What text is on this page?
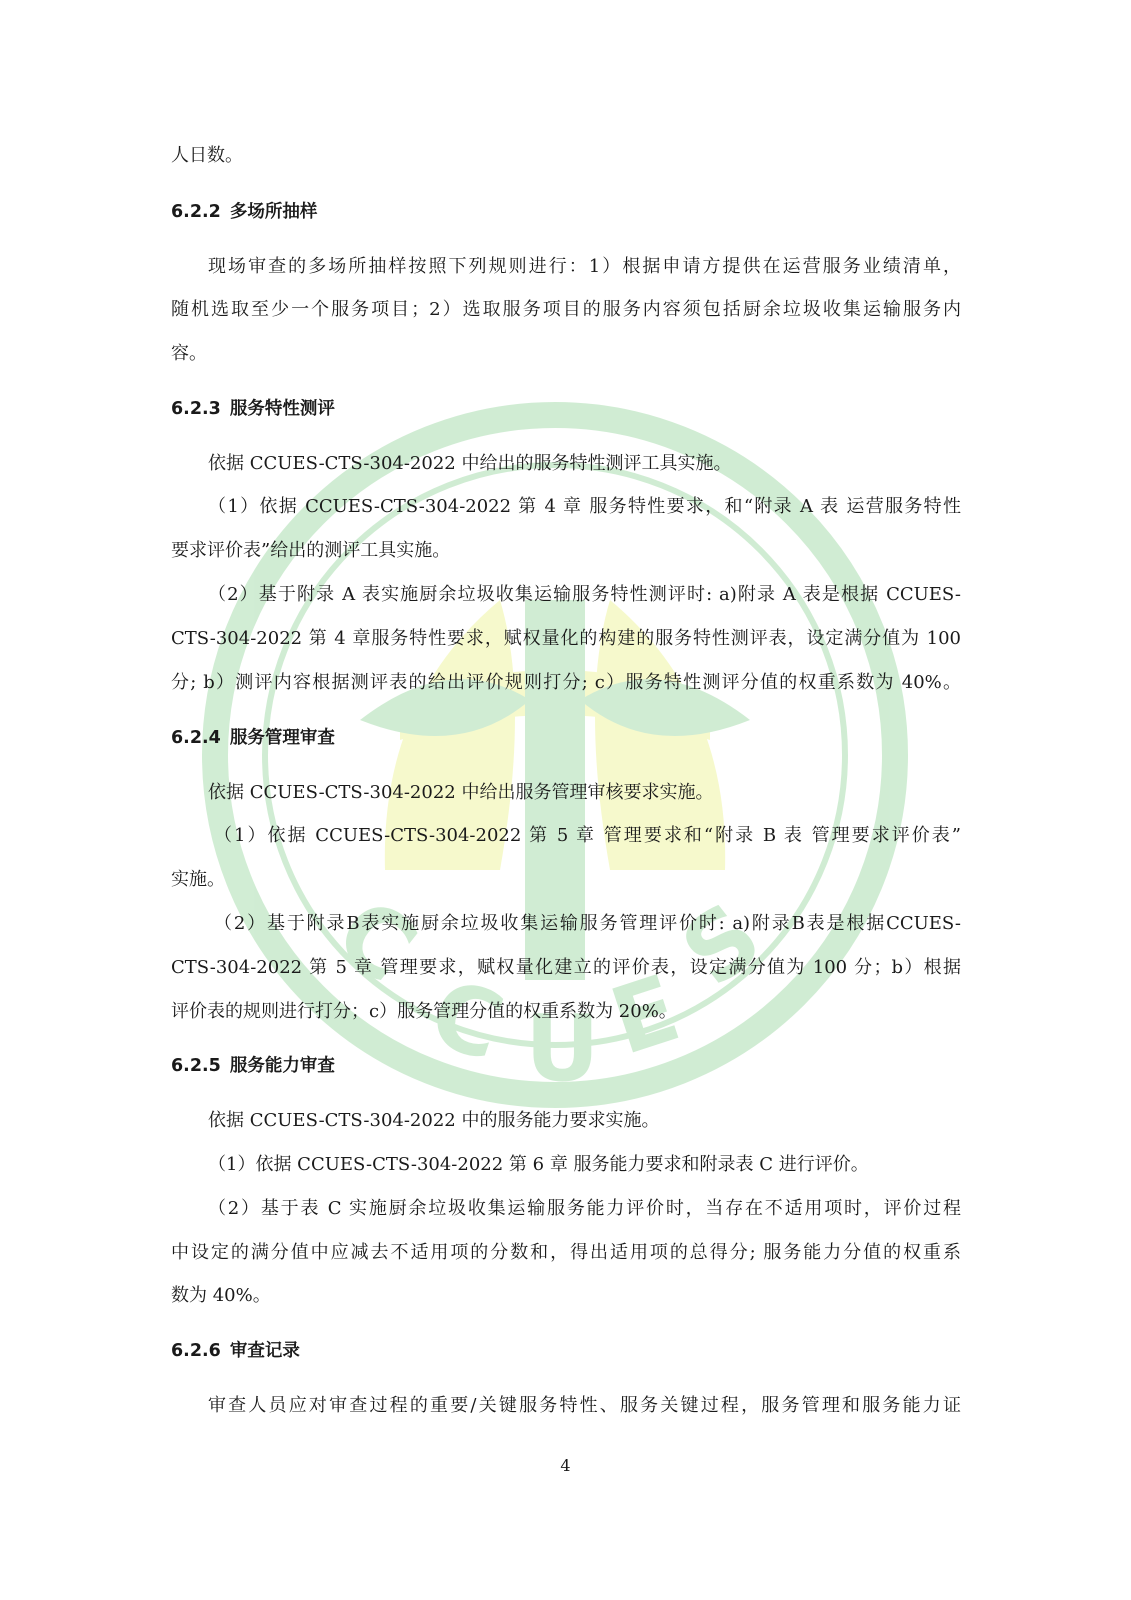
C
C U E
S
人日数。
6.2.2 多场所抽样
现场审查的多场所抽样按照下列规则进行：1）根据申请方提供在运营服务业绩清单，
随机选取至少一个服务项目；2）选取服务项目的服务内容须包括厨余垃圾收集运输服务内
容。
6.2.3 服务特性测评
依据 CCUES-CTS-304-2022 中给出的服务特性测评工具实施。
（1）依据 CCUES-CTS-304-2022 第 4 章 服务特性要求，和“附录 A 表 运营服务特性
要求评价表”给出的测评工具实施。
（2）基于附录 A 表实施厨余垃圾收集运输服务特性测评时: a)附录 A 表是根据 CCUES-
CTS-304-2022 第 4 章服务特性要求，赋权量化的构建的服务特性测评表，设定满分值为 100
分; b）测评内容根据测评表的给出评价规则打分; c）服务特性测评分值的权重系数为 40%。
6.2.4 服务管理审查
依据 CCUES-CTS-304-2022 中给出服务管理审核要求实施。
（1）依据 CCUES-CTS-304-2022 第 5 章 管理要求和“附录 B 表 管理要求评价表”
实施。
（2）基于附录B表实施厨余垃圾收集运输服务管理评价时: a)附录B表是根据CCUES-
CTS-304-2022 第 5 章 管理要求，赋权量化建立的评价表，设定满分值为 100 分；b）根据
评价表的规则进行打分；c）服务管理分值的权重系数为 20%。
6.2.5 服务能力审查
依据 CCUES-CTS-304-2022 中的服务能力要求实施。
（1）依据 CCUES-CTS-304-2022 第 6 章 服务能力要求和附录表 C 进行评价。
（2）基于表 C 实施厨余垃圾收集运输服务能力评价时，当存在不适用项时，评价过程
中设定的满分值中应减去不适用项的分数和，得出适用项的总得分; 服务能力分值的权重系
数为 40%。
6.2.6 审查记录
审查人员应对审查过程的重要/关键服务特性、服务关键过程，服务管理和服务能力证
4
